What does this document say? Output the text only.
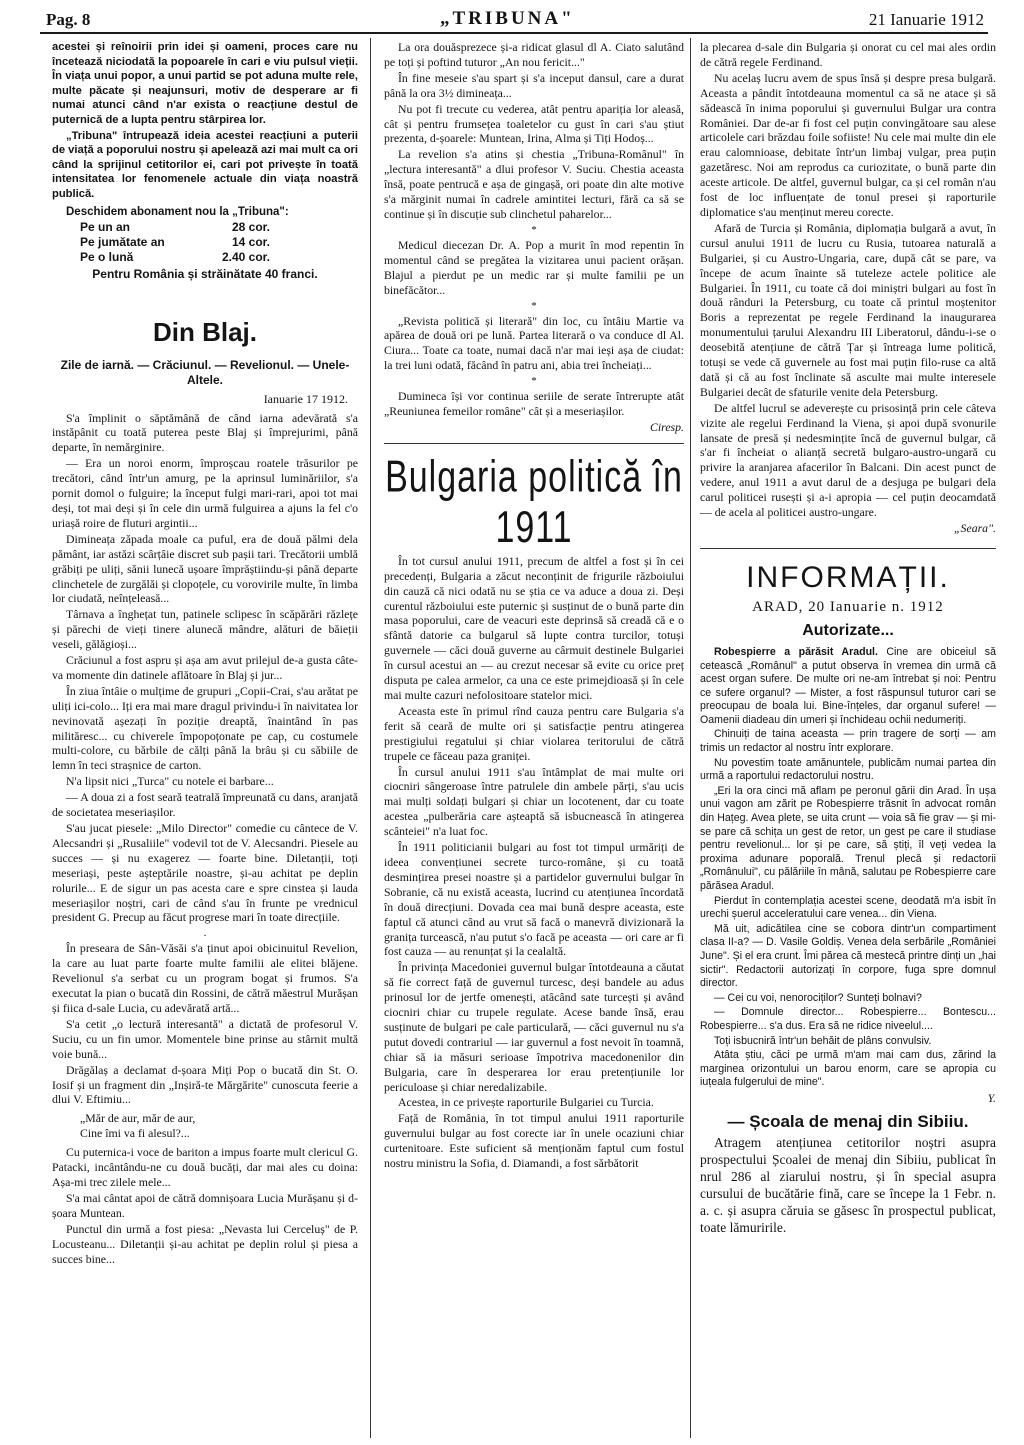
Pag. 8	„TRIBUNA"	21 Ianuarie 1912

acestei și reînoirii prin idei și oameni, proces care nu încetează niciodată la popoarele în cari e viu pulsul vieții. În viața unui popor, a unui partid se pot aduna multe rele, multe păcate și neajunsuri, motiv de desperare ar fi numai atunci când n'ar exista o reacțiune destul de puternică de a lupta pentru stârpirea lor.

„Tribuna" întrupează ideia acestei reacțiuni a puterii de viață a poporului nostru și apelează azi mai mult ca ori când la sprijinul cetitorilor ei, cari pot privește în toată intensitatea lor fenomenele actuale din viața noastră publică.

Deschidem abonament nou la „Tribuna":
Pe un an	28 cor.
Pe jumătate an	14 cor.
Pe o lună	2.40 cor.
Pentru România și străinătate 40 franci.
Din Blaj.
Zile de iarnă. — Crăciunul. — Revelionul. — Unele-Altele.
Ianuarie 17 1912.

S'a împlinit o săptămână de când iarna adevărată s'a instăpânit cu toată puterea peste Blaj și împrejurimi, până departe, în nemărginire.

— Era un noroi enorm, împroșcau roatele trăsurilor pe trecători, când într'un amurg, pe la aprinsul luminăriilor, s'a pornit domol o fulguire; la început fulgi mari-rari, apoi tot mai deși, tot mai deși și în cele din urmă fulguirea a ajuns la fel c'o uriașă roire de fluturi argintii...

Dimineața zăpada moale ca puful, era de două pălmi dela pământ, iar astăzi scârțâie discret sub pașii tari. Trecătorii umblă grăbiți pe uliți, sănii lunecă ușoare împrăștiindu-și până departe clinchetele de zurgălăi și clopoțele, cu vorovirile multe, în limba lor ciudată, neînțeleasă...

Târnava a înghețat tun, patinele sclipesc în scăpărări răzlețe și părechi de vieți tinere alunecă mândre, alături de băieții veseli, gălăgioși...

Crăciunul a fost aspru și așa am avut prilejul de-a gusta câte-va momente din datinele aflătoare în Blaj și jur...

În ziua întâie o mulțime de grupuri „Copii-Crai, s'au arătat pe uliți ici-colo... Iți era mai mare dragul privindu-i în naivitatea lor nevinovată așezați în poziție dreaptă, înaintând în pas milităresc... cu chiverele împopoțonate pe cap, cu costumele multi-colore, cu bărbile de călți până la brâu și cu săbiile de lemn în teci strașnice de carton.

N'a lipsit nici „Turca" cu notele ei barbare...

— A doua zi a fost seară teatrală împreunată cu dans, aranjată de societatea meseriașilor.

S'au jucat piesele: „Milo Director" comedie cu cântece de V. Alecsandri și „Rusaliile" vodevil tot de V. Alecsandri. Piesele au succes — și nu exagerez — foarte bine. Diletanții, toți meseriași, peste așteptările noastre, și-au achitat pe deplin rolurile... E de sigur un pas acesta care e spre cinstea și lauda meseriașilor noștri, cari de când s'au în frunte pe vrednicul president G. Precup au făcut progrese mari în toate direcțiile.

.

În preseara de Sân-Văsăi s'a ținut apoi obicinuitul Revelion, la care au luat parte foarte multe familii ale elitei blăjene. Revelionul s'a serbat cu un program bogat și frumos. S'a executat la pian o bucată din Rossini, de cătră măestrul Murășan și fiica d-sale Lucia, cu adevărată artă...

S'a cetit „o lectură interesantă" a dictată de profesorul V. Suciu, cu un fin umor. Momentele bine prinse au stârnit multă voie bună...

Drăgălaș a declamat d-șoara Miți Pop o bucată din St. O. Iosif și un fragment din „Inșiră-te Mărgărite" cunoscuta feerie a dlui V. Eftimiu...

„Măr de aur, măr de aur,
Cine îmi va fi alesul?...

Cu puternica-i voce de bariton a impus foarte mult clericul G. Patacki, incântându-ne cu două bucăți, dar mai ales cu doina: Așa-mi trec zilele mele...

S'a mai cântat apoi de cătră domnișoara Lucia Murășanu și d-șoara Muntean.

Punctul din urmă a fost piesa: „Nevasta lui Cerceluș" de P. Locusteanu... Diletanții și-au achitat pe deplin rolul și piesa a succes bine...

La ora douăsprezece și-a ridicat glasul dl A. Ciato salutând pe toți și poftind tuturor „An nou fericit..."

În fine meseie s'au spart și s'a inceput dansul, care a durat până la ora 3½ dimineața...

Nu pot fi trecute cu vederea, atât pentru apariția lor aleasă, cât și pentru frumsețea toaletelor cu gust în cari s'au știut prezenta, d-șoarele: Muntean, Irina, Alma și Tiți Hodoș...

La revelion s'a atins și chestia „Tribuna-Românul" în „lectura interesantă" a dlui profesor V. Suciu. Chestia aceasta însă, poate pentrucă e așa de gingașă, ori poate din alte motive s'a mărginit numai în cadrele amintitei lecturi, fără ca să se continue și în discuție sub clinchetul paharelor...

*

Medicul diecezan Dr. A. Pop a murit în mod repentin în momentul când se pregătea la vizitarea unui pacient orășan. Blajul a pierdut pe un medic rar și multe familii pe un binefăcător...

*

„Revista politică și literară" din loc, cu întâiu Martie va apărea de două ori pe lună. Partea literară o va conduce dl Al. Ciura... Toate ca toate, numai dacă n'ar mai ieși așa de ciudat: la trei luni odată, făcând în patru ani, abia trei încheiați...

*

Dumineca își vor continua seriile de serate întrerupte atât „Reuniunea femeilor române" cât și a meseriașilor.

Ciresp.

Bulgaria politică în 1911

În tot cursul anului 1911, precum de altfel a fost și în cei precedenți, Bulgaria a zăcut neconținit de frigurile războiului din cauză că nici odată nu se știa ce va aduce a doua zi. Deși curentul războiului este puternic și susținut de o bună parte din masa poporului, care de veacuri este deprinsă să creadă că e o sfântă datorie ca bulgarul să lupte contra turcilor, totuși guvernele — căci două guverne au cârmuit destinele Bulgariei în cursul acestui an — au crezut necesar să evite cu orice preț disputa pe calea armelor, ca una ce este primejdioasă și în cele mai multe cazuri nefolositoare statelor mici.

Aceasta este în primul rînd cauza pentru care Bulgaria s'a ferit să ceară de multe ori și satisfacție pentru atingerea prestigiului regatului și chiar violarea teritorului de cătră trupele ce făceau paza graniței.

În cursul anului 1911 s'au întâmplat de mai multe ori ciocniri sângeroase între patrulele din ambele părți, s'au ucis mai mulți soldați bulgari și chiar un locotenent, dar cu toate acestea „pulberăria care așteaptă să isbucnească în atingerea scânteiei" n'a luat foc.

În 1911 politicianii bulgari au fost tot timpul urmăriți de ideea convențiunei secrete turco-române, și cu toată desmințirea presei noastre și a partidelor guvernului bulgar în Sobranie, că nu există aceasta, lucrind cu atențiunea încordată în două direcțiuni. Dovada cea mai bună despre aceasta, este faptul că atunci când au vrut să facă o manevră divizionară la granița turcească, n'au putut s'o facă pe aceasta — ori care ar fi fost cauza — au renunțat și la cealaltă.

În privința Macedoniei guvernul bulgar întotdeauna a căutat să fie correct față de guvernul turcesc, deși bandele au adus prinosul lor de jertfe omenești, atâcând sate turcești și având ciocniri chiar cu trupele regulate. Acese bande însă, erau susținute de bulgari pe cale particulară, — căci guvernul nu s'a putut dovedi contrariul — iar guvernul a fost nevoit în toamnă, chiar să ia măsuri serioase împotriva macedonenilor din Bulgaria, care în desperarea lor erau pretențiunile lor periculoase și chiar neredalizabile.

Acestea, in ce privește raporturile Bulgariei cu Turcia.

Față de România, în tot timpul anului 1911 raporturile guvernului bulgar au fost corecte iar în unele ocaziuni chiar curtenitoare. Este suficient să menționăm faptul cum fostul nostru ministru la Sofia, d. Diamandi, a fost sărbătorit

la plecarea d-sale din Bulgaria și onorat cu cel mai ales ordin de cătră regele Ferdinand.

Nu acelaș lucru avem de spus însă și despre presa bulgară. Aceasta a pândit întotdeauna momentul ca să ne atace și să sădească în inima poporului și guvernului Bulgar ura contra României. Dar de-ar fi fost cel puțin convingătoare sau alese articolele cari brăzdau foile sofiiste! Nu cele mai multe din ele erau calomnioase, debitate într'un limbaj vulgar, prea puțin gazetăresc. Noi am reprodus ca curiozitate, o bună parte din aceste articole. De altfel, guvernul bulgar, ca și cel român n'au fost de loc influențate de tonul presei și raporturile diplomatice s'au menținut mereu corecte.

Afară de Turcia și România, diplomația bulgară a avut, în cursul anului 1911 de lucru cu Rusia, tutoarea naturală a Bulgariei, și cu Austro-Ungaria, care, după cât se pare, va începe de acum înainte să tuteleze actele politice ale Bulgariei. În 1911, cu toate că doi miniștri bulgari au fost în două rânduri la Petersburg, cu toate că printul moștenitor Boris a reprezentat pe regele Ferdinand la inaugurarea monumentului țarului Alexandru III Liberatorul, dându-i-se o deosebită atențiune de cătră Țar și întreaga lume politică, totuși se vede că guvernele au fost mai puțin filo-ruse ca altă dată și că au fost înclinate să asculte mai multe interesele Bulgariei decât de sfaturile venite dela Petersburg.

De altfel lucrul se adeverește cu prisosință prin cele câteva vizite ale regelui Ferdinand la Viena, și apoi după svonurile lansate de presă și nedesmințite încă de guvernul bulgar, că s'ar fi încheiat o alianță secretă bulgaro-austro-ungară cu privire la aranjarea afacerilor în Balcani. Din acest punct de vedere, anul 1911 a avut darul de a desjuga pe bulgari dela carul politicei rusești și a-i apropia — cel puțin deocamdată — de acela al politicei austro-ungare.

„Seara".

INFORMAȚII.
ARAD, 20 Ianuarie n. 1912
Autorizate...

Robespierre a părăsit Aradul. Cine are obiceiul să cetească „Românul" a putut observa în vremea din urmă că acest organ sufere. De multe ori ne-am întrebat și noi: Pentru ce sufere organul? — Mister, a fost răspunsul tuturor cari se preocupau de boala lui. Bine-înțeles, dar organul sufere! — Oamenii diadeau din umeri și închideau ochii nedumeriți.

Chinuiți de taina aceasta — prin tragere de sorți — am trimis un redactor al nostru într explorare.

Nu povestim toate amănuntele, publicăm numai partea din urmă a raportului redactorului nostru.

„Eri la ora cinci mă aflam pe peronul gării din Arad. În ușa unui vagon am zărit pe Robespierre trăsnit în advocat român din Hațeg. Avea plete, se uita crunt — voia să fie grav — și mi-se pare că schița un gest de retor, un gest pe care il studiase pentru revelionul... lor și pe care, să știți, îl veți vedea la proxima adunare poporală. Trenul plecă și redactorii „Românului", cu pălăriile în mână, salutau pe Robespierre care părăsea Aradul.

Pierdut în contemplația acestei scene, deodată m'a isbit în urechi șuerul acceleratului care venea... din Viena.

Mă uit, adicătilea cine se cobora dintr'un compartiment clasa II-a? — D. Vasile Goldiș. Venea dela serbările „României June". Și el era crunt. Îmi părea că mestecă printre dinți un „hai sictir". Redactorii autorizați în corpore, fuga spre domnul director.

— Cei cu voi, nenorociților? Sunteți bolnavi?

— Domnule director... Robespierre... Bontescu... Robespierre... s'a dus. Era să ne ridice niveelul....

Toți isbucniră într'un behăit de plâns convulsiv.

Atâta știu, căci pe urmă m'am mai cam dus, zărind la marginea orizontului un barou enorm, care se apropia cu iuțeala fulgerului de mine".

Y.

— Școala de menaj din Sibiiu.

Atragem atențiunea cetitorilor noștri asupra prospectului Școalei de menaj din Sibiiu, publicat în nrul 286 al ziarului nostru, și în special asupra cursului de bucătărie fină, care se începe la 1 Febr. n. a. c. și asupra căruia se găsesc în prospectul publicat, toate lămuririle.
